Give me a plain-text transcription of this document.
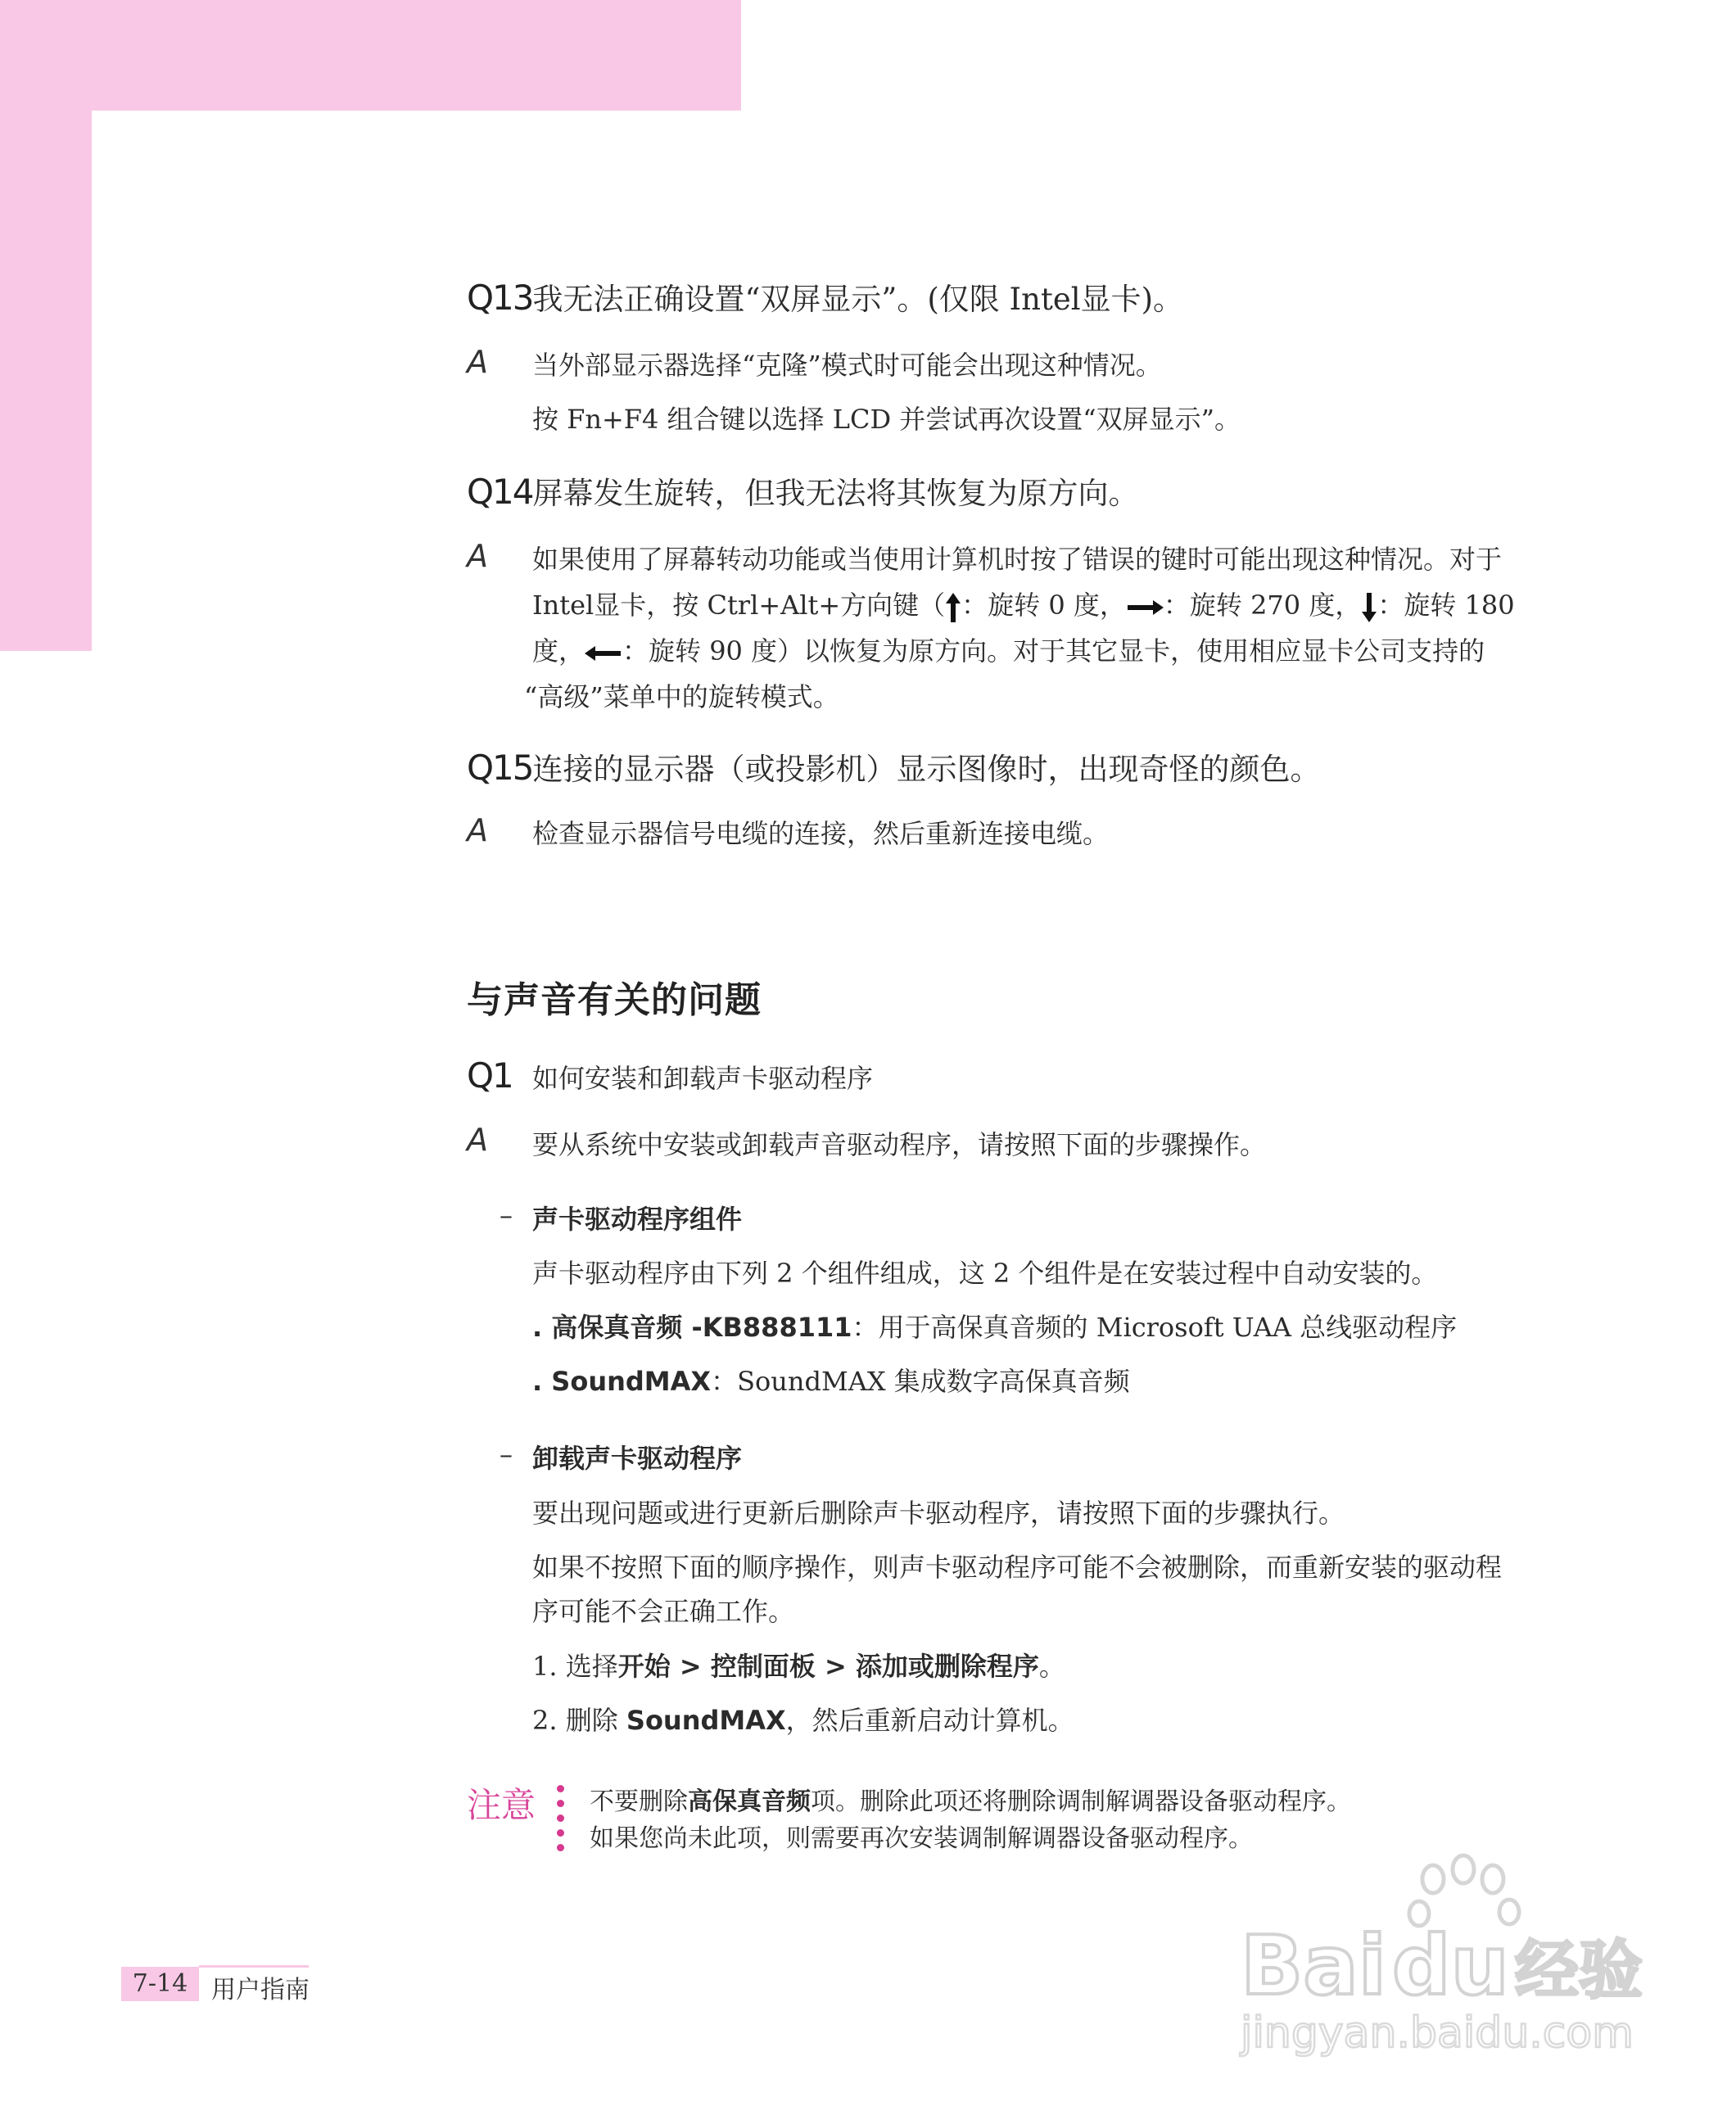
Q13我无法正确设置“双屏显示”。(仅限 Intel显卡)。
A 当外部显示器选择“克隆”模式时可能会出现这种情况。
按 Fn+F4 组合键以选择 LCD 并尝试再次设置“双屏显示”。
Q14屏幕发生旋转，但我无法将其恢复为原方向。
A 如果使用了屏幕转动功能或当使用计算机时按了错误的键时可能出现这种情况。对于
Intel显卡，按 Ctrl+Alt+方向键（ ：旋转 0 度， ：旋转 270 度， ：旋转 180
度， ：旋转 90 度）以恢复为原方向。对于其它显卡，使用相应显卡公司支持的
“高级”菜单中的旋转模式。
Q15连接的显示器（或投影机）显示图像时，出现奇怪的颜色。
A 检查显示器信号电缆的连接，然后重新连接电缆。
与声音有关的问题
Q1 如何安装和卸载声卡驱动程序
A 要从系统中安装或卸载声音驱动程序，请按照下面的步骤操作。
– 声卡驱动程序组件
声卡驱动程序由下列 2 个组件组成，这 2 个组件是在安装过程中自动安装的。
. 高保真音频 -KB888111：用于高保真音频的 Microsoft UAA 总线驱动程序
. SoundMAX：SoundMAX 集成数字高保真音频
– 卸载声卡驱动程序
要出现问题或进行更新后删除声卡驱动程序，请按照下面的步骤执行。
如果不按照下面的顺序操作，则声卡驱动程序可能不会被删除，而重新安装的驱动程
序可能不会正确工作。
1. 选择开始 > 控制面板 > 添加或删除程序。
2. 删除 SoundMAX，然后重新启动计算机。
注意 不要删除高保真音频项。删除此项还将删除调制解调器设备驱动程序。
如果您尚未此项，则需要再次安装调制解调器设备驱动程序。
7-14 用户指南	Bai du 经验
jingyan.baidu.com
